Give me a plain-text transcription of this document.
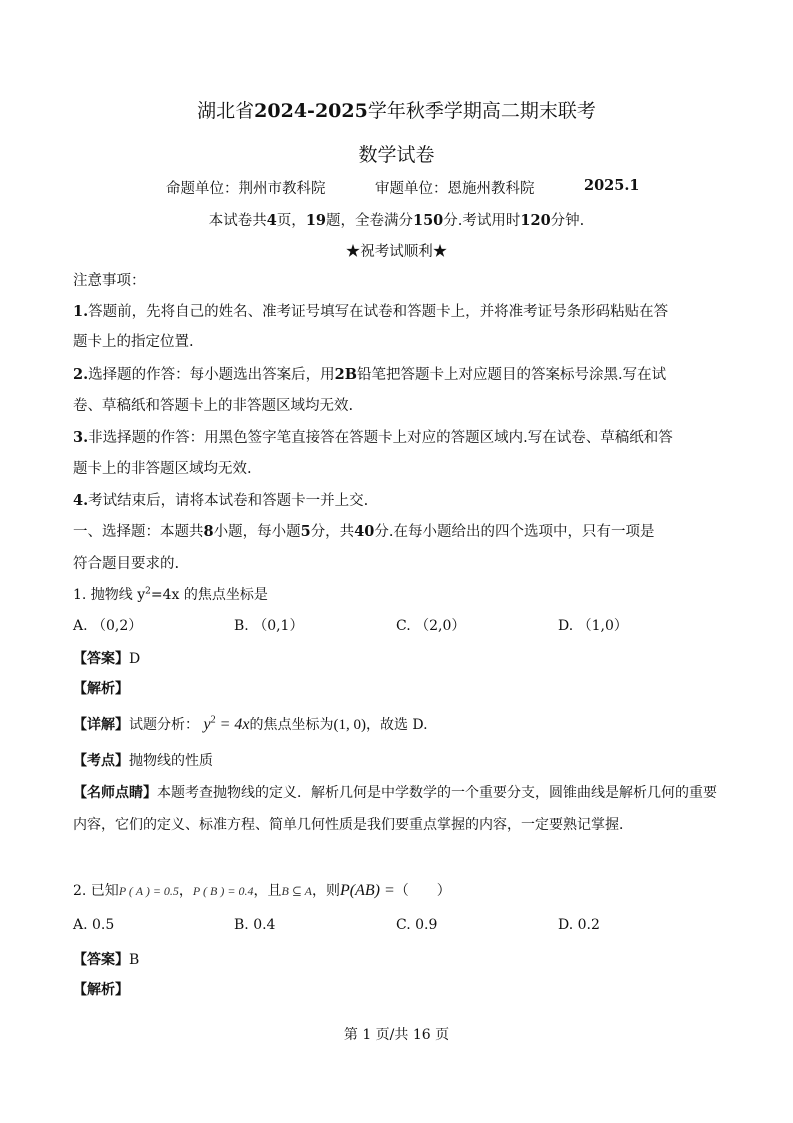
湖北省2024-2025学年秋季学期高二期末联考
数学试卷
命题单位：荆州市教科院	审题单位：恩施州教科院	2025.1
本试卷共4页，19题，全卷满分150分.考试用时120分钟.
★祝考试顺利★
注意事项：
1.答题前，先将自己的姓名、准考证号填写在试卷和答题卡上，并将准考证号条形码粘贴在答
题卡上的指定位置.
2.选择题的作答：每小题选出答案后，用2B铅笔把答题卡上对应题目的答案标号涂黑.写在试
卷、草稿纸和答题卡上的非答题区域均无效.
3.非选择题的作答：用黑色签字笔直接答在答题卡上对应的答题区域内.写在试卷、草稿纸和答
题卡上的非答题区域均无效.
4.考试结束后，请将本试卷和答题卡一并上交.
一、选择题：本题共8小题，每小题5分，共40分.在每小题给出的四个选项中，只有一项是
符合题目要求的.
1. 抛物线 $y^2=4x$ 的焦点坐标是
A. （0,2）	B. （0,1）	C. （2,0）	D. （1,0）
【答案】D
【解析】
【详解】试题分析： $y^2 = 4x$的焦点坐标为(1, 0)，故选 D.
【考点】抛物线的性质
【名师点睛】本题考查抛物线的定义．解析几何是中学数学的一个重要分支，圆锥曲线是解析几何的重要
内容，它们的定义、标准方程、简单几何性质是我们要重点掌握的内容，一定要熟记掌握．
2. 已知P ( A ) = 0.5，P ( B ) = 0.4，且B ⊆ A，则P(AB) =（　　）
A. 0.5	B. 0.4	C. 0.9	D. 0.2
【答案】B
【解析】
第 1 页/共 16 页
